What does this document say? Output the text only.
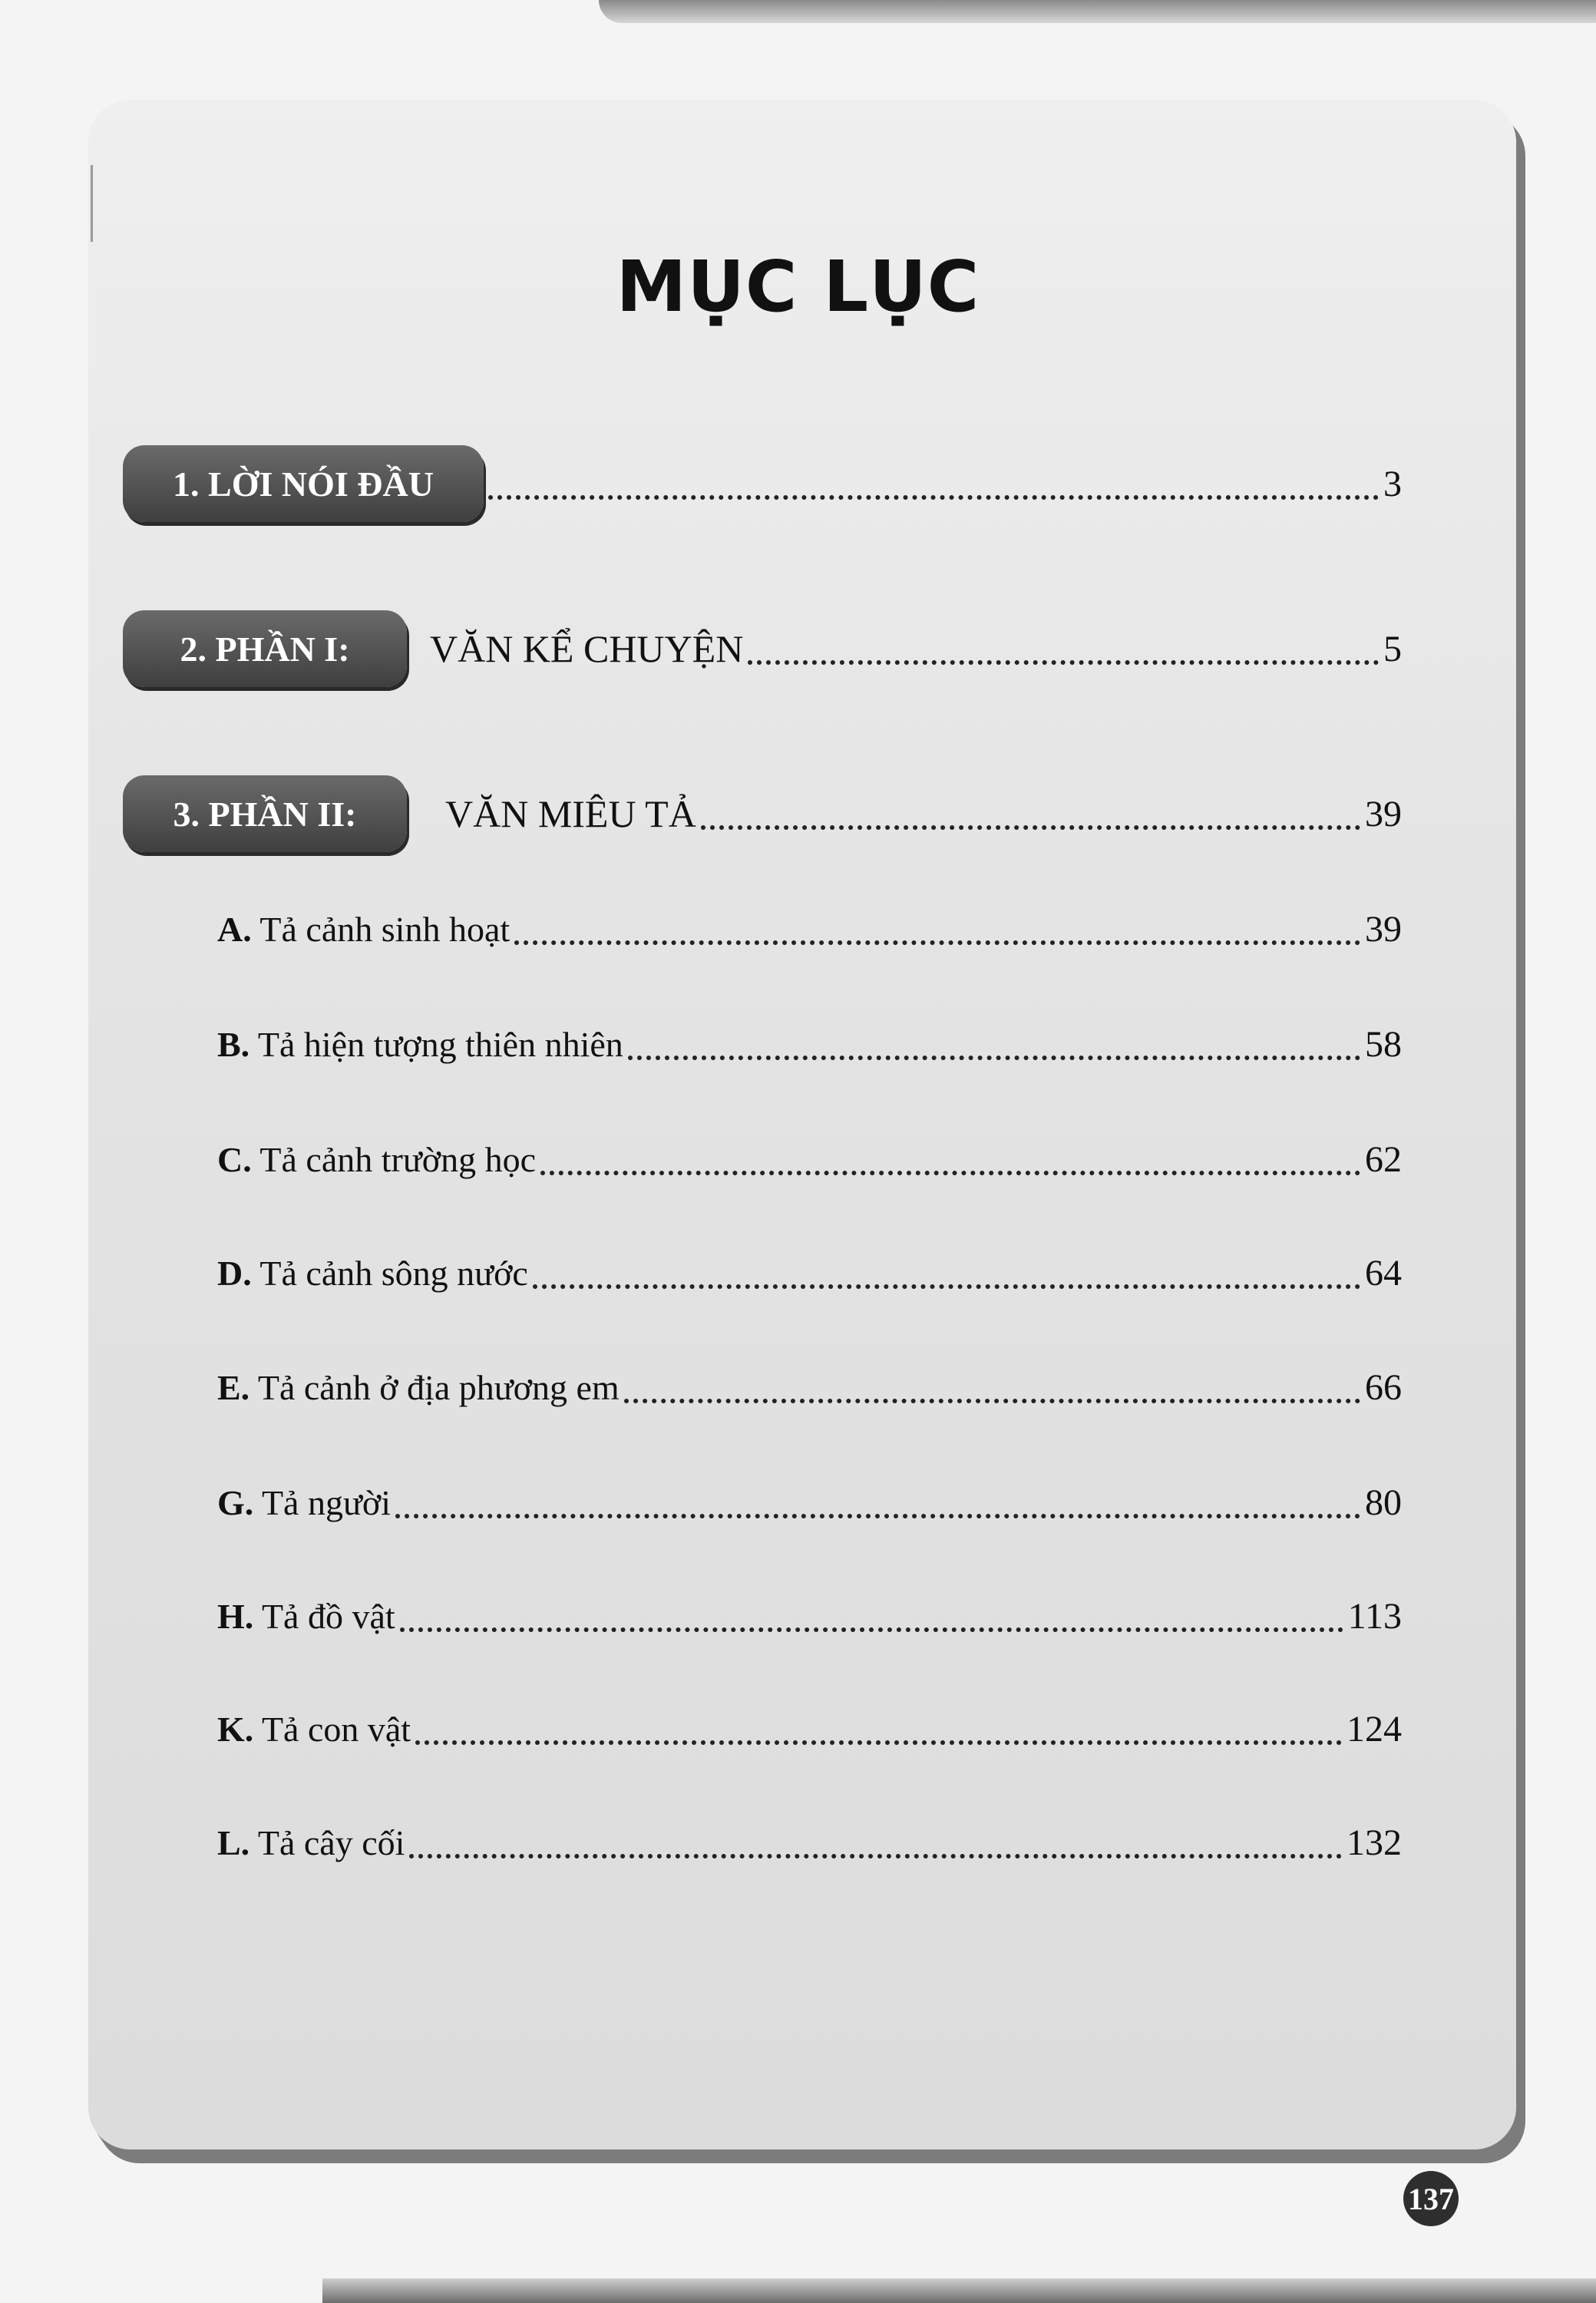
MỤC LỤC
1. LỜI NÓI ĐẦU	3
2. PHẦN I:	VĂN KỂ CHUYỆN	5
3. PHẦN II:	VĂN MIÊU TẢ	39
A. Tả cảnh sinh hoạt	39
B. Tả hiện tượng thiên nhiên	58
C. Tả cảnh trường học	62
D. Tả cảnh sông nước	64
E. Tả cảnh ở địa phương em	66
G. Tả người	80
H. Tả đồ vật	113
K. Tả con vật	124
L. Tả cây cối	132
137
